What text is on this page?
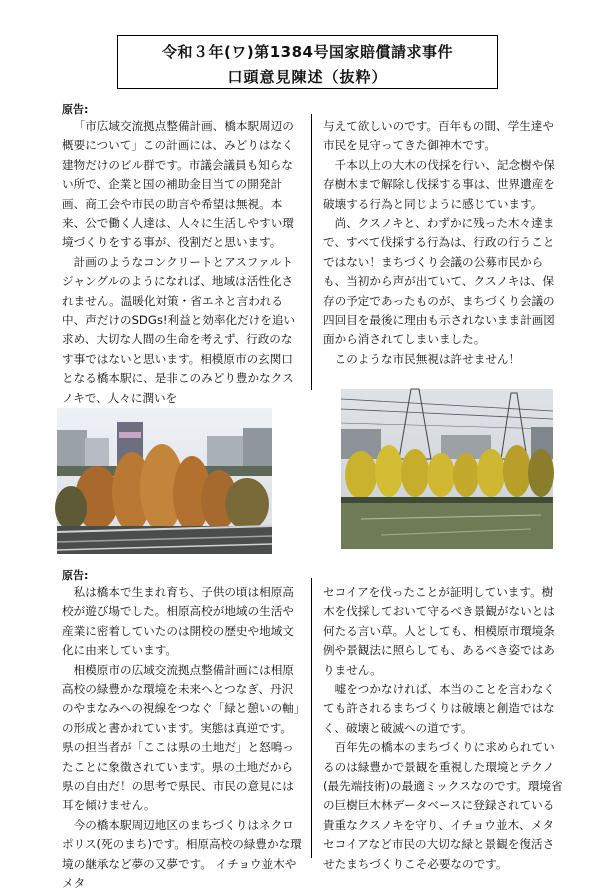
令和３年(ワ)第1384号国家賠償請求事件
口頭意見陳述（抜粋）
原告:

「市広域交流拠点整備計画、橋本駅周辺の概要について」この計画には、みどりはなく建物だけのビル群です。市議会議員も知らない所で、企業と国の補助金目当ての開発計画、商工会や市民の助言や希望は無視。本来、公で働く人達は、人々に生活しやすい環境づくりをする事が、役割だと思います。

計画のようなコンクリートとアスファルトジャングルのようになれば、地域は活性化されません。温暖化対策・省エネと言われる中、声だけのSDGs!利益と効率化だけを追い求め、大切な人間の生命を考えず、行政のなす事ではないと思います。相模原市の玄関口となる橋本駅に、是非このみどり豊かなクスノキで、人々に潤いを

与えて欲しいのです。百年もの間、学生達や市民を見守ってきた御神木です。

千本以上の大木の伐採を行い、記念樹や保存樹木まで解除し伐採する事は、世界遺産を破壊する行為と同じように感じています。

尚、クスノキと、わずかに残った木々達まで、すべて伐採する行為は、行政の行うことではない！まちづくり会議の公募市民からも、当初から声が出ていて、クスノキは、保存の予定であったものが、まちづくり会議の四回目を最後に理由も示されないまま計画図面から消されてしまいました。

このような市民無視は許せません！

原告:

私は橋本で生まれ育ち、子供の頃は相原高校が遊び場でした。相原高校が地域の生活や産業に密着していたのは開校の歴史や地域文化に由来しています。

相模原市の広域交流拠点整備計画には相原高校の緑豊かな環境を未来へとつなぎ、丹沢のやまなみへの視線をつなぐ「緑と憩いの軸」の形成と書かれています。実態は真逆です。県の担当者が「ここは県の土地だ」と怒鳴ったことに象徴されています。県の土地だから県の自由だ！の思考で県民、市民の意見には耳を傾けません。

今の橋本駅周辺地区のまちづくりはネクロポリス(死のまち)です。相原高校の緑豊かな環境の継承など夢の又夢です。 イチョウ並木やメタ

セコイアを伐ったことが証明しています。樹木を伐採しておいて守るべき景観がないとは何たる言い草。人としても、相模原市環境条例や景観法に照らしても、あるべき姿ではありません。

嘘をつかなければ、本当のことを言わなくても許されるまちづくりは破壊と創造ではなく、破壊と破滅への道です。

百年先の橋本のまちづくりに求められているのは緑豊かで景観を重視した環境とテクノ(最先端技術)の最適ミックスなのです。環境省の巨樹巨木林データベースに登録されている貴重なクスノキを守り、イチョウ並木、メタセコイアなど市民の大切な緑と景観を復活させたまちづくりこそ必要なのです。
